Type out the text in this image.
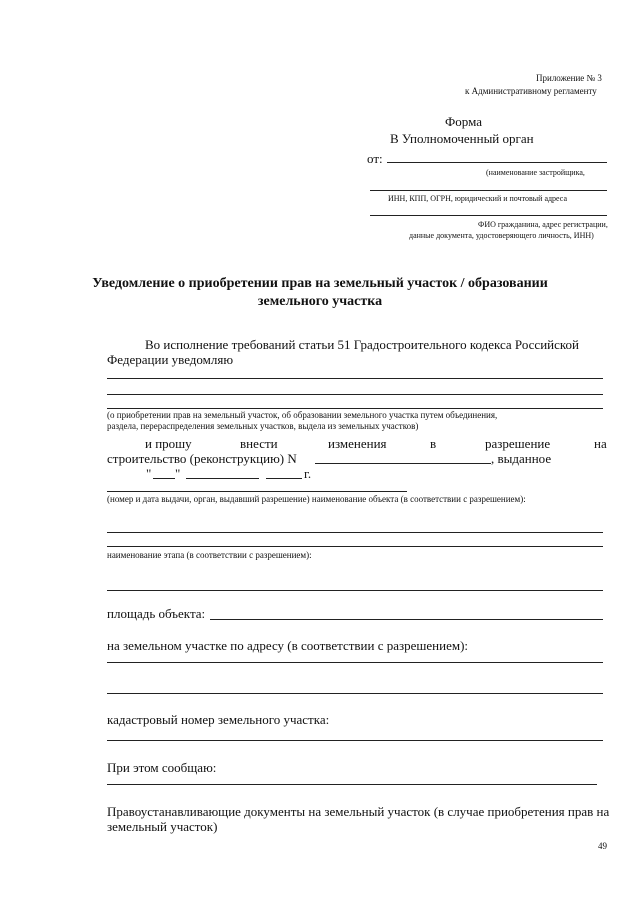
Приложение № 3
к Административному регламенту
Форма
В Уполномоченный орган
от:
(наименование застройщика,
ИНН, КПП, ОГРН, юридический и почтовый адреса
ФИО гражданина, адрес регистрации,
данные документа, удостоверяющего личность, ИНН)
Уведомление о приобретении прав на земельный участок / образовании
земельного участка
Во исполнение требований статьи 51 Градостроительного кодекса Российской
Федерации уведомляю
(о приобретении прав на земельный участок, об образовании земельного участка путем объединения,
раздела, перераспределения земельных участков, выдела из земельных участков)
и прошу	внести	изменения	в	разрешение	на
строительство (реконструкцию) N	, выданное
" "	г.
(номер и дата выдачи, орган, выдавший разрешение) наименование объекта (в соответствии с разрешением):
наименование этапа (в соответствии с разрешением):
площадь объекта:
на земельном участке по адресу (в соответствии с разрешением):
кадастровый номер земельного участка:
При этом сообщаю:
Правоустанавливающие документы на земельный участок (в случае приобретения прав на
земельный участок)
49
